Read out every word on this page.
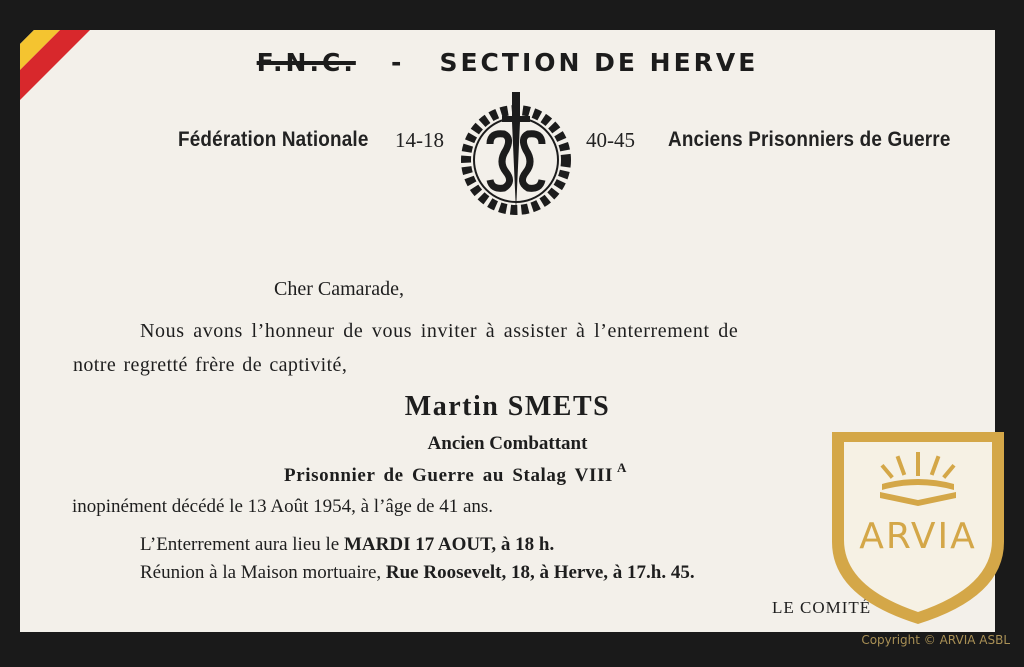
F.N.C. - SECTION DE HERVE
Fédération Nationale 14-18	40-45 Anciens Prisonniers de Guerre
Cher Camarade,
Nous avons l’honneur de vous inviter à assister à l’enterrement de
notre regretté frère de captivité,
Martin SMETS
Ancien Combattant
Prisonnier de Guerre au Stalag VIII $^A$
inopinément décédé le 13 Août 1954, à l’âge de 41 ans.
L’Enterrement aura lieu le MARDI 17 AOUT, à 18 h.
Réunion à la Maison mortuaire, Rue Roosevelt, 18, à Herve, à 17.h. 45.
LE COMITÉ
ARVIA
Copyright © ARVIA ASBL
